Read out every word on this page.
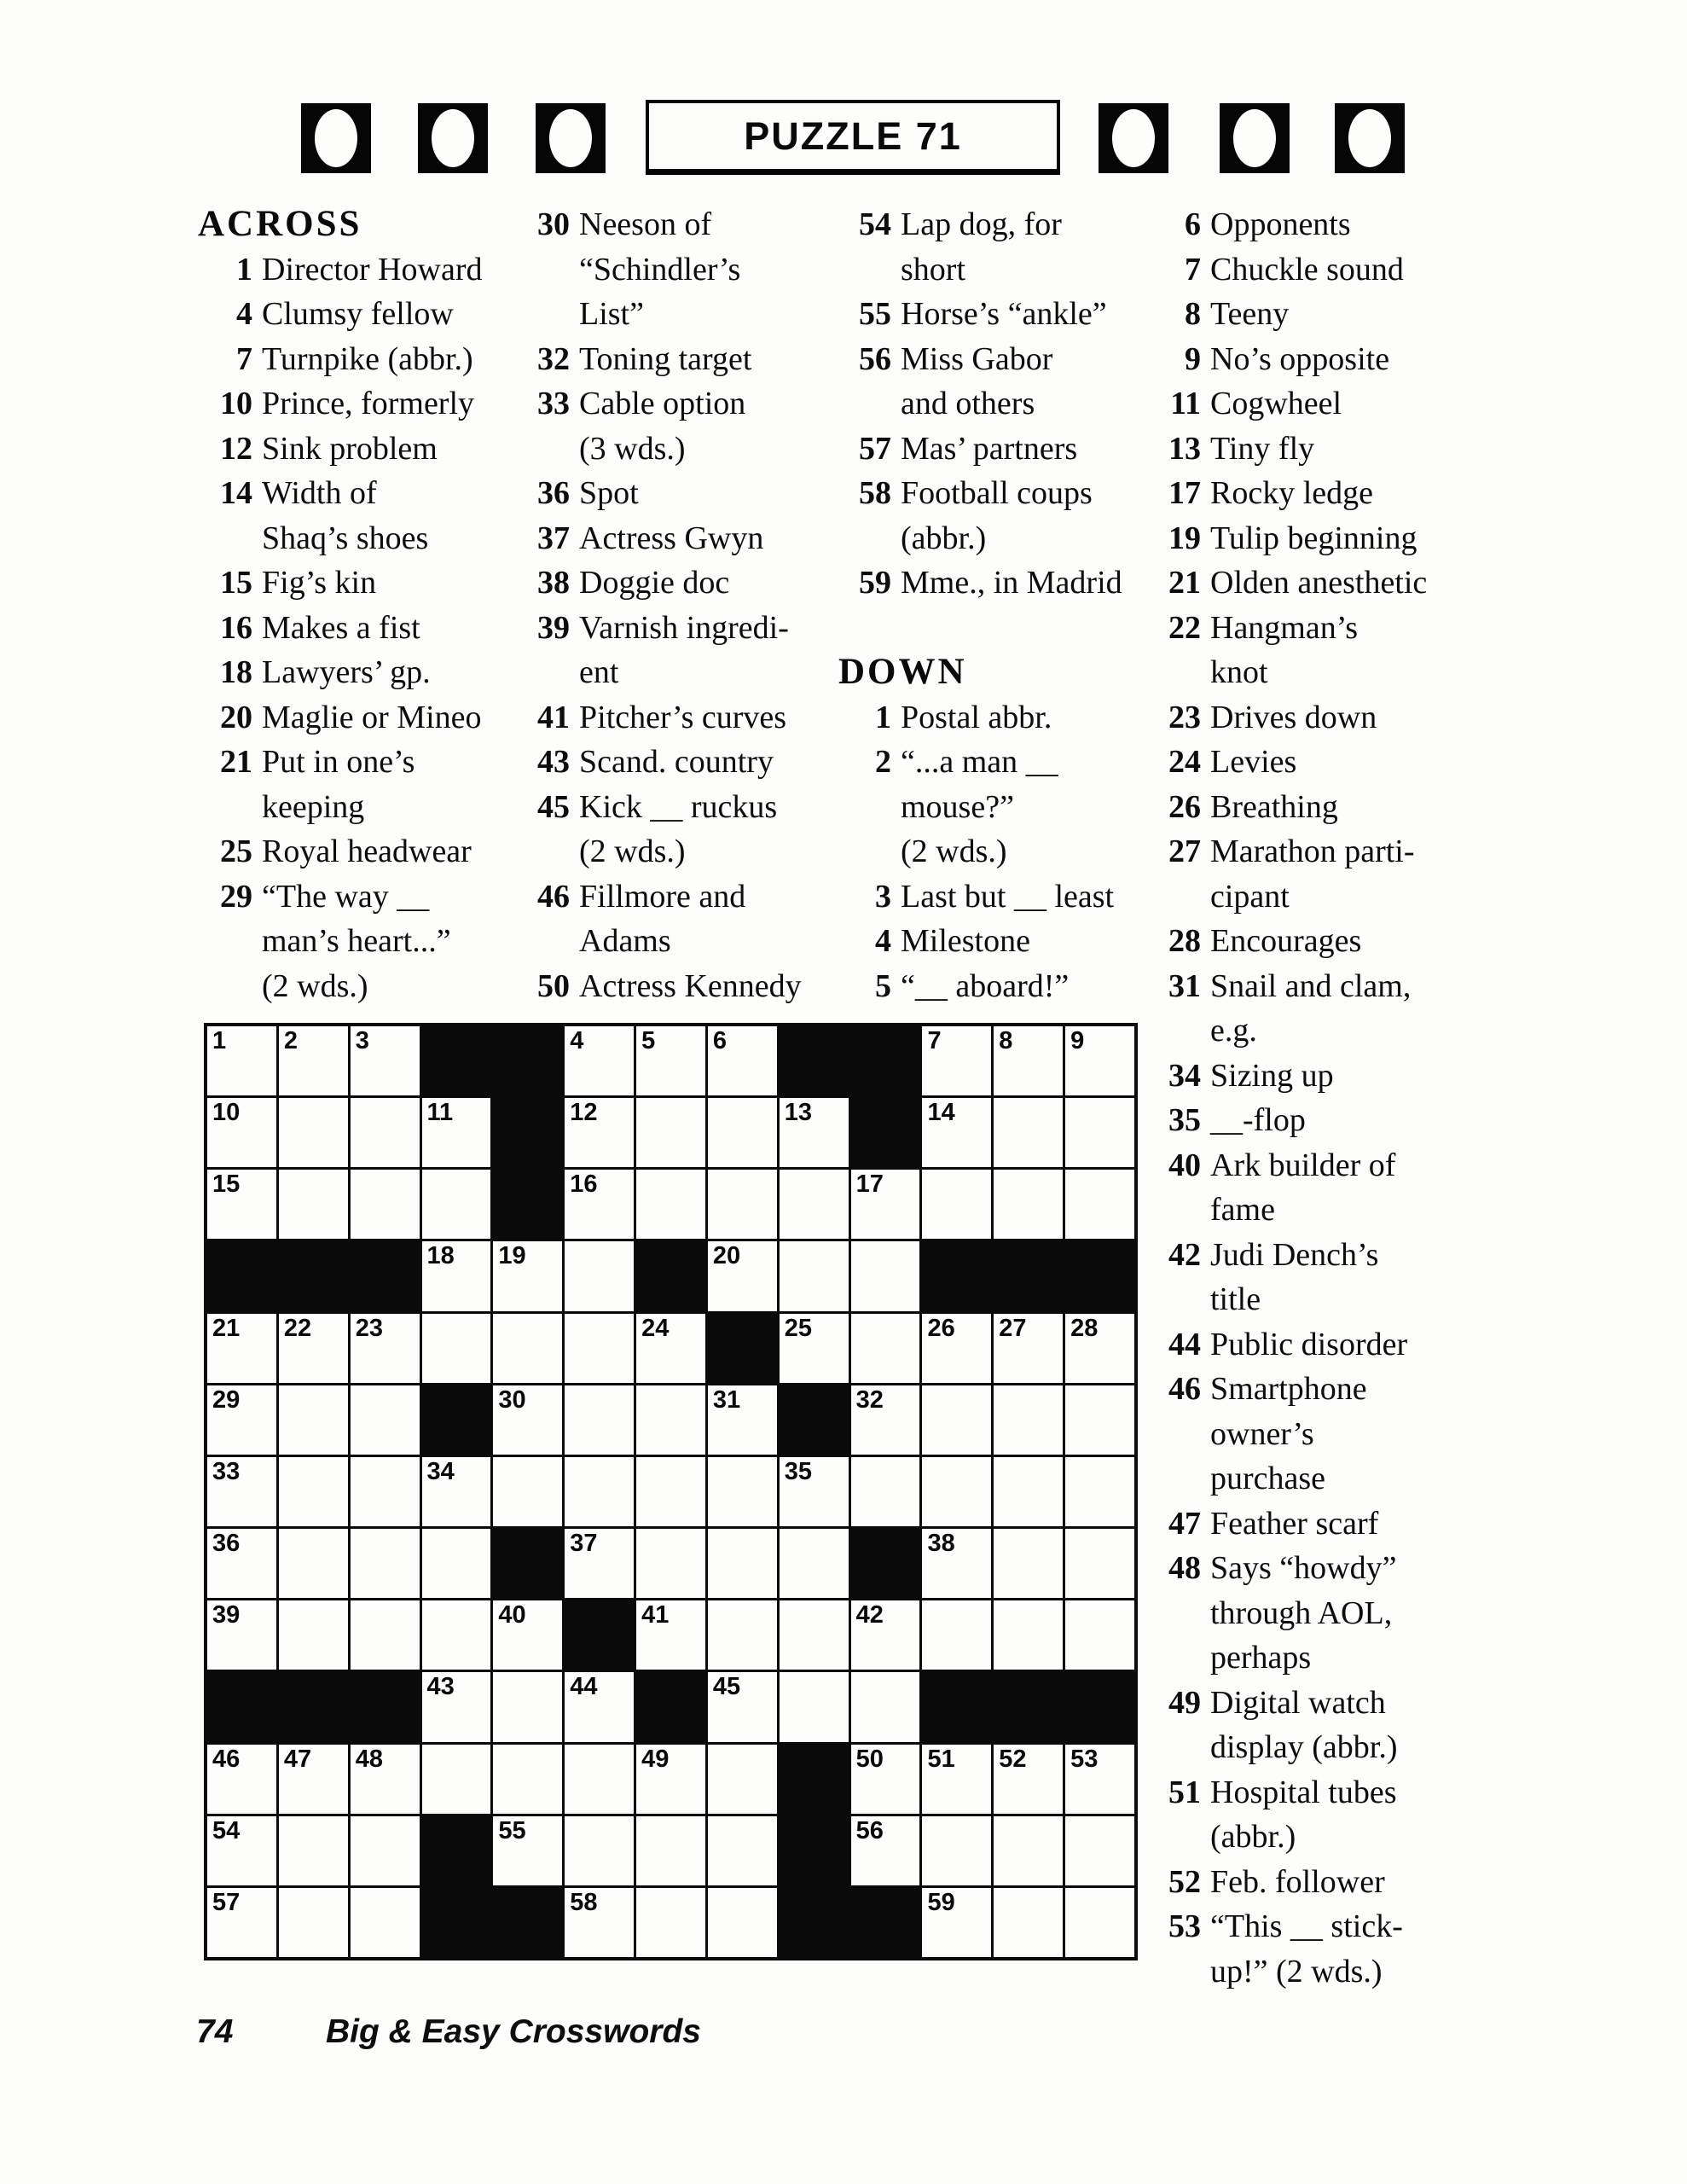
PUZZLE 71
ACROSS
1 Director Howard
4 Clumsy fellow
7 Turnpike (abbr.)
10 Prince, formerly
12 Sink problem
14 Width of
Shaq’s shoes
15 Fig’s kin
16 Makes a fist
18 Lawyers’ gp.
20 Maglie or Mineo
21 Put in one’s
keeping
25 Royal headwear
29 “The way __
man’s heart...”
(2 wds.)
30 Neeson of
“Schindler’s
List”
32 Toning target
33 Cable option
(3 wds.)
36 Spot
37 Actress Gwyn
38 Doggie doc
39 Varnish ingredi-
ent
41 Pitcher’s curves
43 Scand. country
45 Kick __ ruckus
(2 wds.)
46 Fillmore and
Adams
50 Actress Kennedy
54 Lap dog, for
short
55 Horse’s “ankle”
56 Miss Gabor
and others
57 Mas’ partners
58 Football coups
(abbr.)
59 Mme., in Madrid
DOWN
1 Postal abbr.
2 “...a man __
mouse?”
(2 wds.)
3 Last but __ least
4 Milestone
5 “__ aboard!”
6 Opponents
7 Chuckle sound
8 Teeny
9 No’s opposite
11 Cogwheel
13 Tiny fly
17 Rocky ledge
19 Tulip beginning
21 Olden anesthetic
22 Hangman’s
knot
23 Drives down
24 Levies
26 Breathing
27 Marathon parti-
cipant
28 Encourages
31 Snail and clam,
e.g.
34 Sizing up
35 __-flop
40 Ark builder of
fame
42 Judi Dench’s
title
44 Public disorder
46 Smartphone
owner’s
purchase
47 Feather scarf
48 Says “howdy”
through AOL,
perhaps
49 Digital watch
display (abbr.)
51 Hospital tubes
(abbr.)
52 Feb. follower
53 “This __ stick-
up!” (2 wds.)
1 2 3	4 5 6	7 8 9
10	11	12	13	14
15	16	17
18 19	20
21 22 23	24	25	26 27 28
29	30	31	32
33	34	35
36	37	38
39	40	41	42
43	44	45
46 47 48	49	50 51 52 53
54	55	56
57	58	59
74	Big & Easy Crosswords
